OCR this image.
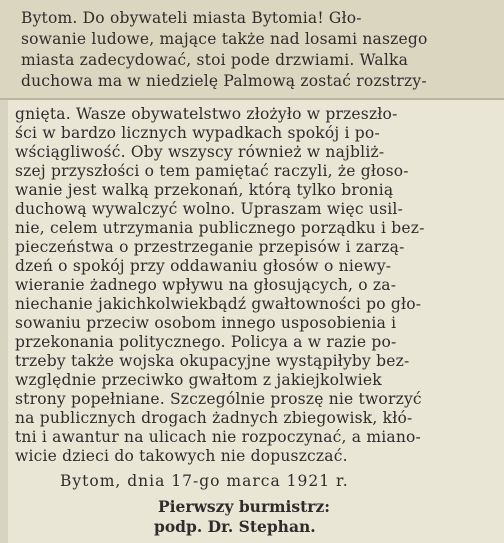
Bytom. Do obywateli miasta Bytomia! Gło-
sowanie ludowe, mające także nad losami naszego
miasta zadecydować, stoi pode drzwiami. Walka
duchowa ma w niedzielę Palmową zostać rozstrzy-
gnięta. Wasze obywatelstwo złożyło w przeszło-
ści w bardzo licznych wypadkach spokój i po-
wściągliwość. Oby wszyscy również w najbliż-
szej przyszłości o tem pamiętać raczyli, że głoso-
wanie jest walką przekonań, którą tylko bronią
duchową wywalczyć wolno. Upraszam więc usil-
nie, celem utrzymania publicznego porządku i bez-
pieczeństwa o przestrzeganie przepisów i zarzą-
dzeń o spokój przy oddawaniu głosów o niewy-
wieranie żadnego wpływu na głosujących, o za-
niechanie jakichkolwiekbądź gwałtowności po gło-
sowaniu przeciw osobom innego usposobienia i
przekonania politycznego. Policya a w razie po-
trzeby także wojska okupacyjne wystąpiłyby bez-
względnie przeciwko gwałtom z jakiejkolwiek
strony popełniane. Szczególnie proszę nie tworzyć
na publicznych drogach żadnych zbiegowisk, kłó-
tni i awantur na ulicach nie rozpoczynać, a miano-
wicie dzieci do takowych nie dopuszczać.
Bytom, dnia 17-go marca 1921 r.
Pierwszy burmistrz:
podp. Dr. Stephan.
